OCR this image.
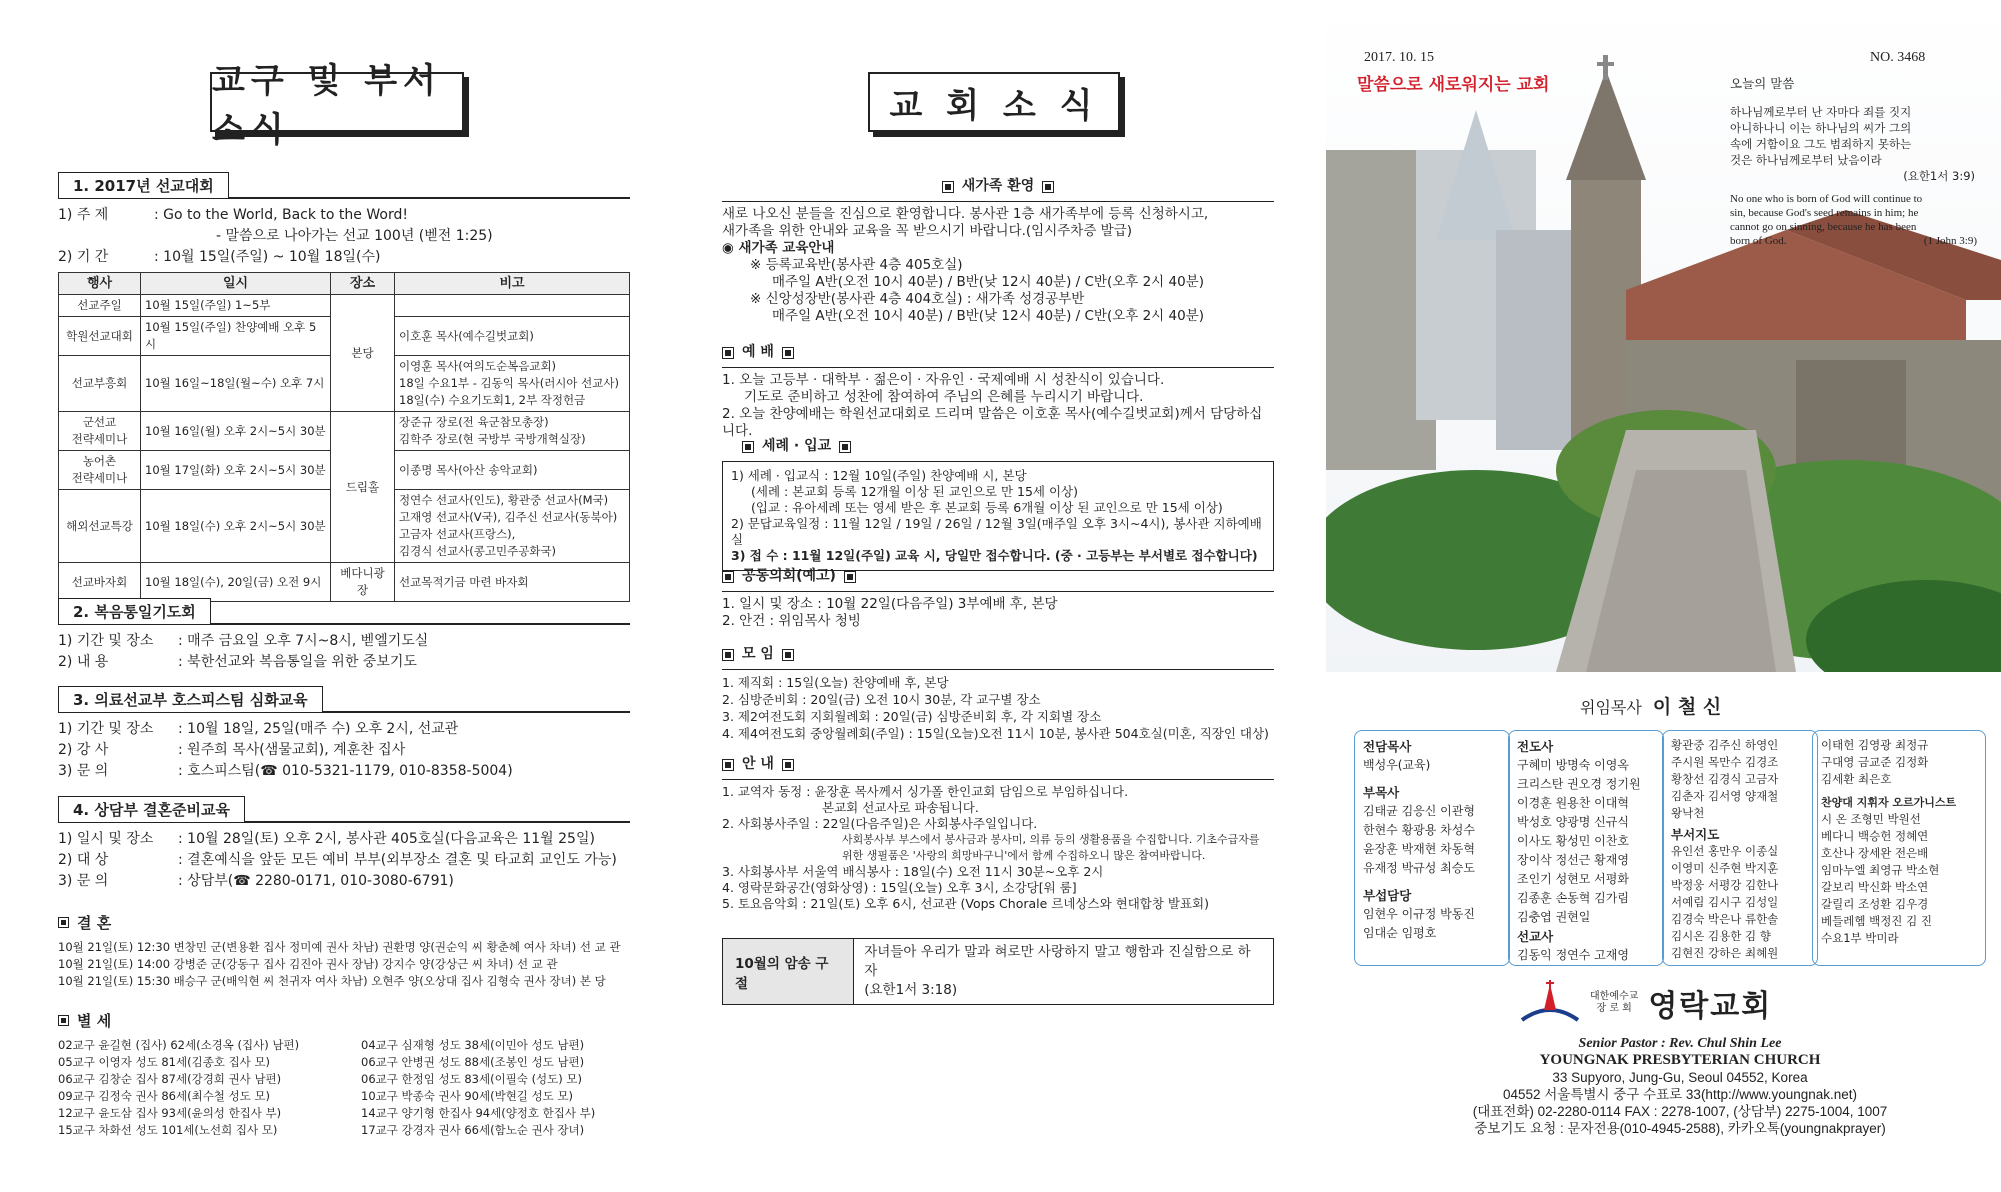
교구 및 부서소식
1. 2017년 선교대회
1) 주 제	: Go to the World, Back to the Word!
- 말씀으로 나아가는 선교 100년 (벧전 1:25)
2) 기 간	: 10월 15일(주일) ~ 10월 18일(수)
행사	일시	장소	비고
선교주일	10월 15일(주일) 1~5부	본당	
학원선교대회	10월 15일(주일) 찬양예배 오후 5시		이호훈 목사(예수길벗교회)
선교부흥회	10월 16일~18일(월~수) 오후 7시		이영훈 목사(여의도순복음교회)
18일 수요1부 - 김동익 목사(러시아 선교사)
18일(수) 수요기도회1, 2부 작정헌금
군선교
전략세미나	10월 16일(월) 오후 2시~5시 30분	드림홀	장준규 장로(전 육군참모총장)
김학주 장로(현 국방부 국방개혁실장)
농어촌
전략세미나	10월 17일(화) 오후 2시~5시 30분		이종명 목사(아산 송악교회)
해외선교특강	10월 18일(수) 오후 2시~5시 30분		정연수 선교사(인도), 황관중 선교사(M국)
고재영 선교사(V국), 김주신 선교사(동북아)
고금자 선교사(프랑스),
김경식 선교사(콩고민주공화국)
선교바자회	10월 18일(수), 20일(금) 오전 9시	베다니광장	선교목적기금 마련 바자회
2. 복음통일기도회
1) 기간 및 장소	: 매주 금요일 오후 7시~8시, 벧엘기도실
2) 내 용	: 북한선교와 복음통일을 위한 중보기도
3. 의료선교부 호스피스팀 심화교육
1) 기간 및 장소	: 10월 18일, 25일(매주 수) 오후 2시, 선교관
2) 강 사	: 원주희 목사(샘물교회), 계훈찬 집사
3) 문 의	: 호스피스팀(☎ 010-5321-1179, 010-8358-5004)
4. 상담부 결혼준비교육
1) 일시 및 장소	: 10월 28일(토) 오후 2시, 봉사관 405호실(다음교육은 11월 25일)
2) 대 상	: 결혼예식을 앞둔 모든 예비 부부(외부장소 결혼 및 타교회 교인도 가능)
3) 문 의	: 상담부(☎ 2280-0171, 010-3080-6791)
결 혼
10월 21일(토) 12:30 변창민 군(변용환 집사 정미예 권사 차남) 권환명 양(권순익 씨 황춘혜 여사 차녀) 선 교 관
10월 21일(토) 14:00 강병준 군(강동구 집사 김진아 권사 장남) 강지수 양(강상근 씨 차녀) 선 교 관
10월 21일(토) 15:30 배승구 군(배익현 씨 천귀자 여사 차남) 오현주 양(오상대 집사 김형숙 권사 장녀) 본 당
별 세
02교구 윤길현 (집사) 62세(소경옥 (집사) 남편)
05교구 이영자 성도 81세(김종호 집사 모)
06교구 김창순 집사 87세(강경희 권사 남편)
09교구 김정숙 권사 86세(최수철 성도 모)
12교구 윤도삼 집사 93세(윤의성 한집사 부)
15교구 차화선 성도 101세(노선희 집사 모)
04교구 심재형 성도 38세(이민아 성도 남편)
06교구 안병권 성도 88세(조봉인 성도 남편)
06교구 한정임 성도 83세(이필숙 (성도) 모)
10교구 박종숙 권사 90세(박현길 성도 모)
14교구 양기형 한집사 94세(양정호 한집사 부)
17교구 강경자 권사 66세(함노순 권사 장녀)
교 회 소 식
새가족 환영
새로 나오신 분들을 진심으로 환영합니다. 봉사관 1층 새가족부에 등록 신청하시고,
새가족을 위한 안내와 교육을 꼭 받으시기 바랍니다.(임시주차증 발급)
◉ 새가족 교육안내
※ 등록교육반(봉사관 4층 405호실)
매주일 A반(오전 10시 40분) / B반(낮 12시 40분) / C반(오후 2시 40분)
※ 신앙성장반(봉사관 4층 404호실) : 새가족 성경공부반
매주일 A반(오전 10시 40분) / B반(낮 12시 40분) / C반(오후 2시 40분)
예 배
1. 오늘 고등부 · 대학부 · 젊은이 · 자유인 · 국제예배 시 성찬식이 있습니다.
기도로 준비하고 성찬에 참여하여 주님의 은혜를 누리시기 바랍니다.
2. 오늘 찬양예배는 학원선교대회로 드리며 말씀은 이호훈 목사(예수길벗교회)께서 담당하십니다.
세례 · 입교
1) 세례 · 입교식 : 12월 10일(주일) 찬양예배 시, 본당
(세례 : 본교회 등록 12개월 이상 된 교인으로 만 15세 이상)
(입교 : 유아세례 또는 영세 받은 후 본교회 등록 6개월 이상 된 교인으로 만 15세 이상)
2) 문답교육일정 : 11월 12일 / 19일 / 26일 / 12월 3일(매주일 오후 3시~4시), 봉사관 지하예배실
3) 접 수 : 11월 12일(주일) 교육 시, 당일만 접수합니다. (중 · 고등부는 부서별로 접수합니다)
공동의회(예고)
1. 일시 및 장소 : 10월 22일(다음주일) 3부예배 후, 본당
2. 안건 : 위임목사 청빙
모 임
1. 제직회 : 15일(오늘) 찬양예배 후, 본당
2. 심방준비회 : 20일(금) 오전 10시 30분, 각 교구별 장소
3. 제2여전도회 지회월례회 : 20일(금) 심방준비회 후, 각 지회별 장소
4. 제4여전도회 중앙월례회(주일) : 15일(오늘)오전 11시 10분, 봉사관 504호실(미혼, 직장인 대상)
안 내
1. 교역자 동정 : 윤장훈 목사께서 싱가폴 한인교회 담임으로 부임하십니다.
본교회 선교사로 파송됩니다.
2. 사회봉사주일 : 22일(다음주일)은 사회봉사주일입니다.
사회봉사부 부스에서 봉사금과 봉사미, 의류 등의 생활용품을 수집합니다. 기초수급자를
위한 생필품은 '사랑의 희망바구니'에서 함께 수집하오니 많은 참여바랍니다.
3. 사회봉사부 서울역 배식봉사 : 18일(수) 오전 11시 30분~오후 2시
4. 영락문화공간(영화상영) : 15일(오늘) 오후 3시, 소강당[워 룸]
5. 토요음악회 : 21일(토) 오후 6시, 선교관 (Vops Chorale 르네상스와 현대합창 발표회)
10월의 암송 구절
자녀들아 우리가 말과 혀로만 사랑하지 말고 행함과 진실함으로 하자
(요한1서 3:18)
2017. 10. 15
말씀으로 새로워지는 교회
NO. 3468
오늘의 말씀
하나님께로부터 난 자마다 죄를 짓지
아니하나니 이는 하나님의 씨가 그의
속에 거함이요 그도 범죄하지 못하는
것은 하나님께로부터 났음이라
(요한1서 3:9)
No one who is born of God will continue to
sin, because God's seed remains in him; he
cannot go on sinning, because he has been
born of God.	(1 John 3:9)
위임목사 이 철 신
전담목사
백성우(교육)
부목사
김태균 김응신 이관형
한현수 황광용 차성수
윤장훈 박재현 차동혁
유재정 박규성 최승도
부섭담당
임현우 이규정 박동진
임대순 임평호
전도사
구혜미 방명숙 이영옥
크리스탄 권오경 정기원
이경훈 원용찬 이대혁
박성호 양광명 신규식
이사도 황성민 이찬호
장이삭 정선근 황재영
조인기 성현모 서평화
김종훈 손동혁 김가림
김충엽 권현일
선교사
김동익 정연수 고재영
황관중 김주신 하영인
주시원 목만수 김경조
황창선 김경식 고금자
김춘자 김서영 양재철
왕낙천
부서지도
유인선 홍만우 이종실
이영미 신주현 박지훈
박정웅 서평강 김한나
서예림 김시구 김성일
김경숙 박은나 류한솔
김시온 김용한 김 향
김현진 강하은 최혜원
이태헌 김영광 최정규
구대영 금교준 김정화
김세환 최은호
찬양대 지휘자 오르가니스트
시 온 조형민 박원선
베다니 백승헌 정혜연
호산나 장세완 전은배
임마누엘 최영규 박소현
갈보리 박신화 박소연
갈릴리 조성환 김우경
베들레헴 백정진 김 진
수요1부 박미라
대한예수교
장 로 회 영락교회
Senior Pastor : Rev. Chul Shin Lee
YOUNGNAK PRESBYTERIAN CHURCH
33 Supyoro, Jung-Gu, Seoul 04552, Korea
04552 서울특별시 중구 수표로 33(http://www.youngnak.net)
(대표전화) 02-2280-0114 FAX : 2278-1007, (상담부) 2275-1004, 1007
중보기도 요청 : 문자전용(010-4945-2588), 카카오톡(youngnakprayer)
